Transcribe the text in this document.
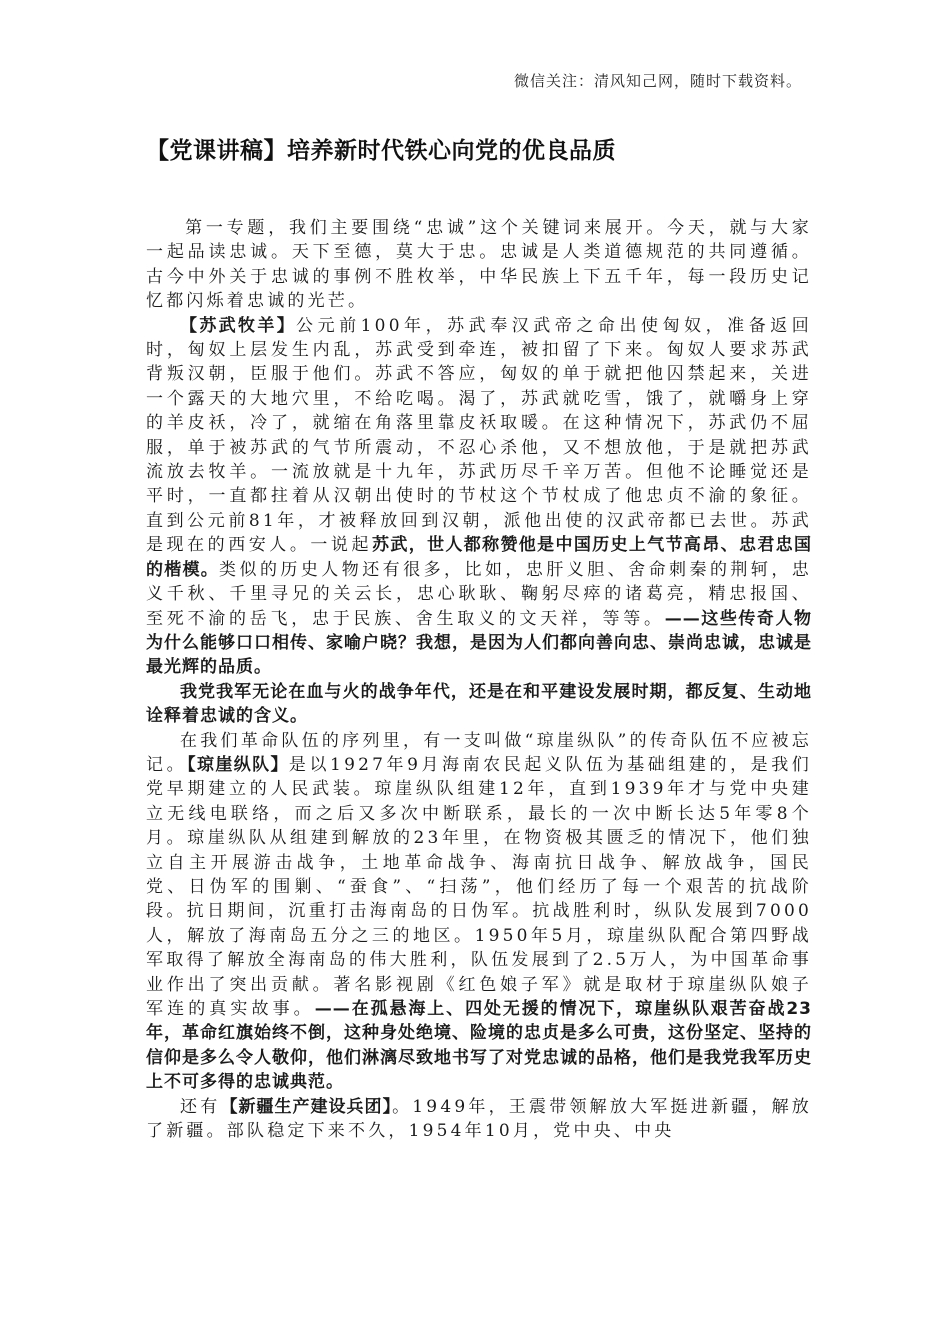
微信关注：清风知己网，随时下载资料。
【党课讲稿】培养新时代铁心向党的优良品质

第一专题，我们主要围绕“忠诚”这个关键词来展开。今天，就与大家一起品读忠诚。天下至德，莫大于忠。忠诚是人类道德规范的共同遵循。古今中外关于忠诚的事例不胜枚举，中华民族上下五千年，每一段历史记忆都闪烁着忠诚的光芒。

【苏武牧羊】公元前100年，苏武奉汉武帝之命出使匈奴，准备返回时，匈奴上层发生内乱，苏武受到牵连，被扣留了下来。匈奴人要求苏武背叛汉朝，臣服于他们。苏武不答应，匈奴的单于就把他囚禁起来，关进一个露天的大地穴里，不给吃喝。渴了，苏武就吃雪，饿了，就嚼身上穿的羊皮袄，冷了，就缩在角落里靠皮袄取暖。在这种情况下，苏武仍不屈服，单于被苏武的气节所震动，不忍心杀他，又不想放他，于是就把苏武流放去牧羊。一流放就是十九年，苏武历尽千辛万苦。但他不论睡觉还是平时，一直都拄着从汉朝出使时的节杖这个节杖成了他忠贞不渝的象征。直到公元前81年，才被释放回到汉朝，派他出使的汉武帝都已去世。苏武是现在的西安人。一说起苏武，世人都称赞他是中国历史上气节高昂、忠君忠国的楷模。类似的历史人物还有很多，比如，忠肝义胆、舍命刺秦的荆轲，忠义千秋、千里寻兄的关云长，忠心耿耿、鞠躬尽瘁的诸葛亮，精忠报国、至死不渝的岳飞，忠于民族、舍生取义的文天祥，等等。——这些传奇人物为什么能够口口相传、家喻户晓？我想，是因为人们都向善向忠、崇尚忠诚，忠诚是最光辉的品质。

我党我军无论在血与火的战争年代，还是在和平建设发展时期，都反复、生动地诠释着忠诚的含义。

在我们革命队伍的序列里，有一支叫做“琼崖纵队”的传奇队伍不应被忘记。【琼崖纵队】是以1927年9月海南农民起义队伍为基础组建的，是我们党早期建立的人民武装。琼崖纵队组建12年，直到1939年才与党中央建立无线电联络，而之后又多次中断联系，最长的一次中断长达5年零8个月。琼崖纵队从组建到解放的23年里，在物资极其匮乏的情况下，他们独立自主开展游击战争，土地革命战争、海南抗日战争、解放战争，国民党、日伪军的围剿、“蚕食”、“扫荡”，他们经历了每一个艰苦的抗战阶段。抗日期间，沉重打击海南岛的日伪军。抗战胜利时，纵队发展到7000人，解放了海南岛五分之三的地区。1950年5月，琼崖纵队配合第四野战军取得了解放全海南岛的伟大胜利，队伍发展到了2.5万人，为中国革命事业作出了突出贡献。著名影视剧《红色娘子军》就是取材于琼崖纵队娘子军连的真实故事。——在孤悬海上、四处无援的情况下，琼崖纵队艰苦奋战23年，革命红旗始终不倒，这种身处绝境、险境的忠贞是多么可贵，这份坚定、坚持的信仰是多么令人敬仰，他们淋漓尽致地书写了对党忠诚的品格，他们是我党我军历史上不可多得的忠诚典范。

还有【新疆生产建设兵团】。1949年，王震带领解放大军挺进新疆，解放了新疆。部队稳定下来不久，1954年10月，党中央、中央
